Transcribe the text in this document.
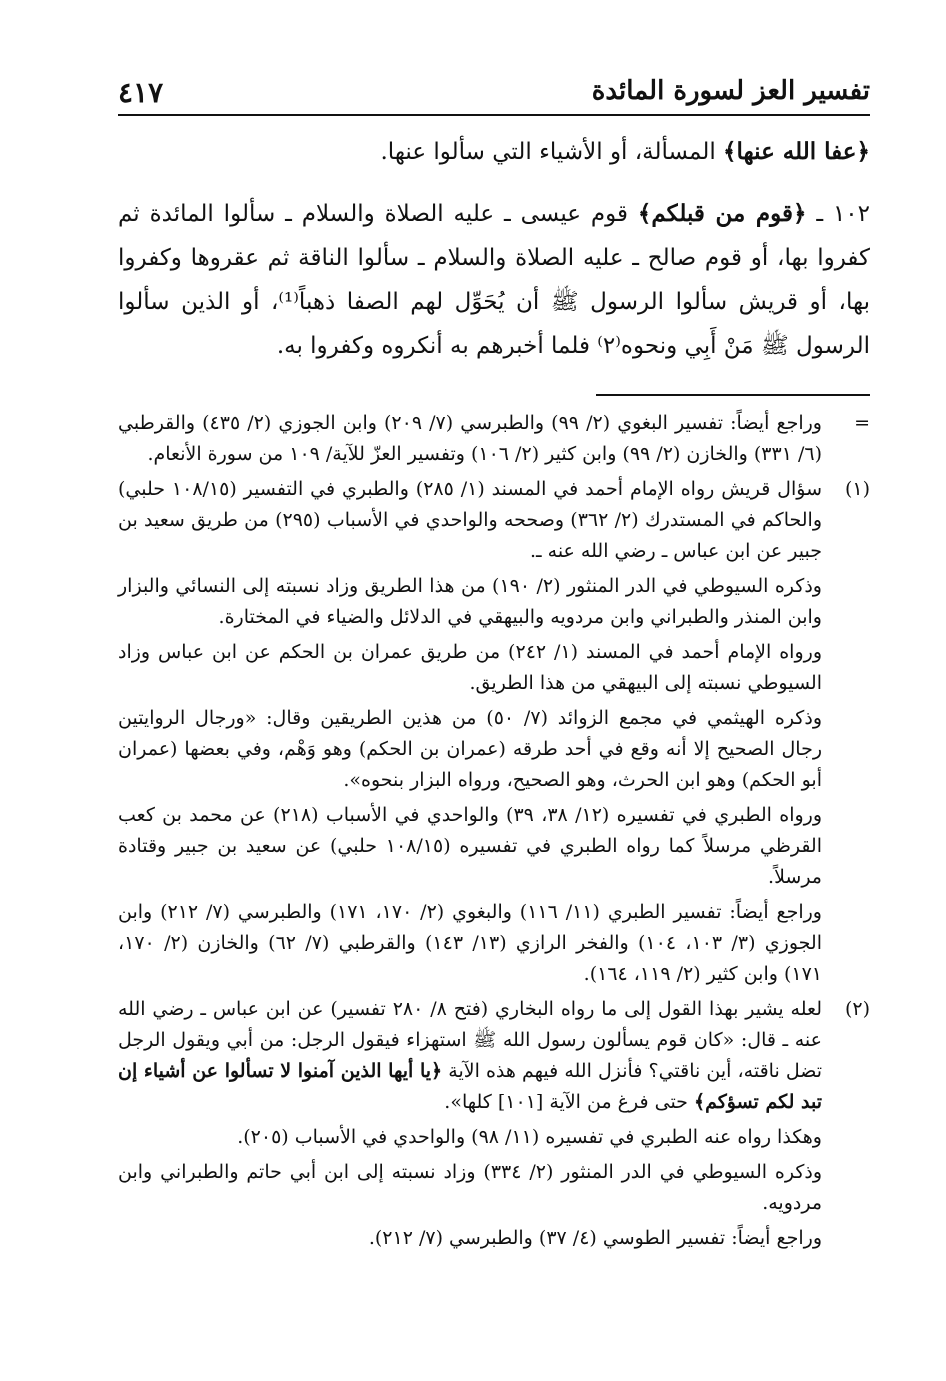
تفسير العز لسورة المائدة
٤١٧

﴿عفا الله عنها﴾ المسألة، أو الأشياء التي سألوا عنها.

١٠٢ ـ ﴿قوم من قبلكم﴾ قوم عيسى ـ عليه الصلاة والسلام ـ سألوا المائدة ثم كفروا بها، أو قوم صالح ـ عليه الصلاة والسلام ـ سألوا الناقة ثم عقروها وكفروا بها، أو قريش سألوا الرسول ﷺ أن يُحَوِّل لهم الصفا ذهباً⁽¹⁾، أو الذين سألوا الرسول ﷺ مَنْ أَبِي ونحوه⁽٢⁾ فلما أخبرهم به أنكروه وكفروا به.

=

وراجع أيضاً: تفسير البغوي (٢/ ٩٩) والطبرسي (٧/ ٢٠٩) وابن الجوزي (٢/ ٤٣٥) والقرطبي (٦/ ٣٣١) والخازن (٢/ ٩٩) وابن كثير (٢/ ١٠٦) وتفسير العزّ للآية/ ١٠٩ من سورة الأنعام.

(١)

سؤال قريش رواه الإمام أحمد في المسند (١/ ٢٨٥) والطبري في التفسير (١٠٨/١٥ حلبي) والحاكم في المستدرك (٢/ ٣٦٢) وصححه والواحدي في الأسباب (٢٩٥) من طريق سعيد بن جبير عن ابن عباس ـ رضي الله عنه ـ.

وذكره السيوطي في الدر المنثور (٢/ ١٩٠) من هذا الطريق وزاد نسبته إلى النسائي والبزار وابن المنذر والطبراني وابن مردويه والبيهقي في الدلائل والضياء في المختارة.

ورواه الإمام أحمد في المسند (١/ ٢٤٢) من طريق عمران بن الحكم عن ابن عباس وزاد السيوطي نسبته إلى البيهقي من هذا الطريق.

وذكره الهيثمي في مجمع الزوائد (٧/ ٥٠) من هذين الطريقين وقال: «ورجال الروايتين رجال الصحيح إلا أنه وقع في أحد طرقه (عمران بن الحكم) وهو وَهْم، وفي بعضها (عمران أبو الحكم) وهو ابن الحرث، وهو الصحيح، ورواه البزار بنحوه».

ورواه الطبري في تفسيره (١٢/ ٣٨، ٣٩) والواحدي في الأسباب (٢١٨) عن محمد بن كعب القرظي مرسلاً كما رواه الطبري في تفسيره (١٠٨/١٥ حلبي) عن سعيد بن جبير وقتادة مرسلاً.

وراجع أيضاً: تفسير الطبري (١١/ ١١٦) والبغوي (٢/ ١٧٠، ١٧١) والطبرسي (٧/ ٢١٢) وابن الجوزي (٣/ ١٠٣، ١٠٤) والفخر الرازي (١٣/ ١٤٣) والقرطبي (٧/ ٦٢) والخازن (٢/ ١٧٠، ١٧١) وابن كثير (٢/ ١١٩، ١٦٤).

(٢)

لعله يشير بهذا القول إلى ما رواه البخاري (فتح ٨/ ٢٨٠ تفسير) عن ابن عباس ـ رضي الله عنه ـ قال: «كان قوم يسألون رسول الله ﷺ استهزاء فيقول الرجل: من أبي ويقول الرجل تضل ناقته، أين ناقتي؟ فأنزل الله فيهم هذه الآية ﴿يا أيها الذين آمنوا لا تسألوا عن أشياء إن تبد لكم تسؤكم﴾ حتى فرغ من الآية [١٠١] كلها».

وهكذا رواه عنه الطبري في تفسيره (١١/ ٩٨) والواحدي في الأسباب (٢٠٥).

وذكره السيوطي في الدر المنثور (٢/ ٣٣٤) وزاد نسبته إلى ابن أبي حاتم والطبراني وابن مردويه.

وراجع أيضاً: تفسير الطوسي (٤/ ٣٧) والطبرسي (٧/ ٢١٢).
